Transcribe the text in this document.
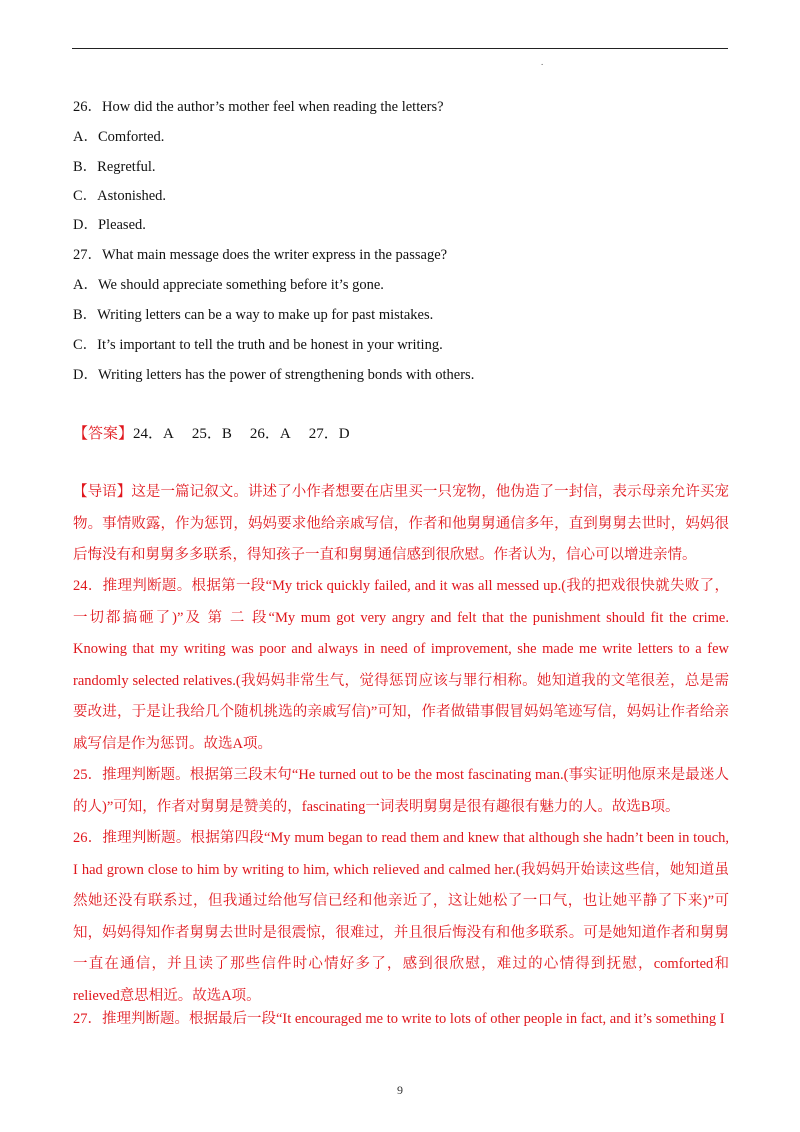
.
26．How did the author’s mother feel when reading the letters?
A．Comforted.
B．Regretful.
C．Astonished.
D．Pleased.
27．What main message does the writer express in the passage?
A．We should appreciate something before it’s gone.
B．Writing letters can be a way to make up for past mistakes.
C．It’s important to tell the truth and be honest in your writing.
D．Writing letters has the power of strengthening bonds with others.
【答案】24．A 25．B 26．A 27．D
【导语】这是一篇记叙文。讲述了小作者想要在店里买一只宠物，他伪造了一封信，表示母亲允许买宠物。事情败露，作为惩罚，妈妈要求他给亲戚写信，作者和他舅舅通信多年，直到舅舅去世时，妈妈很后悔没有和舅舅多多联系，得知孩子一直和舅舅通信感到很欣慰。作者认为，信心可以增进亲情。
24．推理判断题。根据第一段“My trick quickly failed, and it was all messed up.(我的把戏很快就失败了，一切都搞砸了)”及 第 二 段“My mum got very angry and felt that the punishment should fit the crime. Knowing that my writing was poor and always in need of improvement, she made me write letters to a few randomly selected relatives.(我妈妈非常生气，觉得惩罚应该与罪行相称。她知道我的文笔很差，总是需要改进，于是让我给几个随机挑选的亲戚写信)”可知，作者做错事假冒妈妈笔迹写信，妈妈让作者给亲戚写信是作为惩罚。故选A项。
25．推理判断题。根据第三段末句“He turned out to be the most fascinating man.(事实证明他原来是最迷人的人)”可知，作者对舅舅是赞美的，fascinating一词表明舅舅是很有趣很有魅力的人。故选B项。
26．推理判断题。根据第四段“My mum began to read them and knew that although she hadn’t been in touch, I had grown close to him by writing to him, which relieved and calmed her.(我妈妈开始读这些信，她知道虽然她还没有联系过，但我通过给他写信已经和他亲近了，这让她松了一口气，也让她平静了下来)”可知，妈妈得知作者舅舅去世时是很震惊，很难过，并且很后悔没有和他多联系。可是她知道作者和舅舅一直在通信，并且读了那些信件时心情好多了，感到很欣慰，难过的心情得到抚慰，comforted和relieved意思相近。故选A项。
27．推理判断题。根据最后一段“It encouraged me to write to lots of other people in fact, and it’s something I
9
